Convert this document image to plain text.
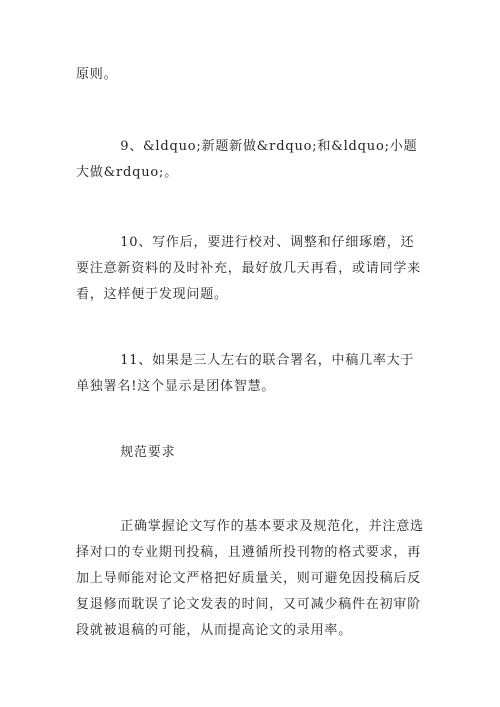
原则。

9、&ldquo;新题新做&rdquo;和&ldquo;小题大做&rdquo;。

10、写作后，要进行校对、调整和仔细琢磨，还要注意新资料的及时补充，最好放几天再看，或请同学来看，这样便于发现问题。

11、如果是三人左右的联合署名，中稿几率大于单独署名!这个显示是团体智慧。

规范要求

正确掌握论文写作的基本要求及规范化，并注意选择对口的专业期刊投稿，且遵循所投刊物的格式要求，再加上导师能对论文严格把好质量关，则可避免因投稿后反复退修而耽误了论文发表的时间，又可减少稿件在初审阶段就被退稿的可能，从而提高论文的录用率。
